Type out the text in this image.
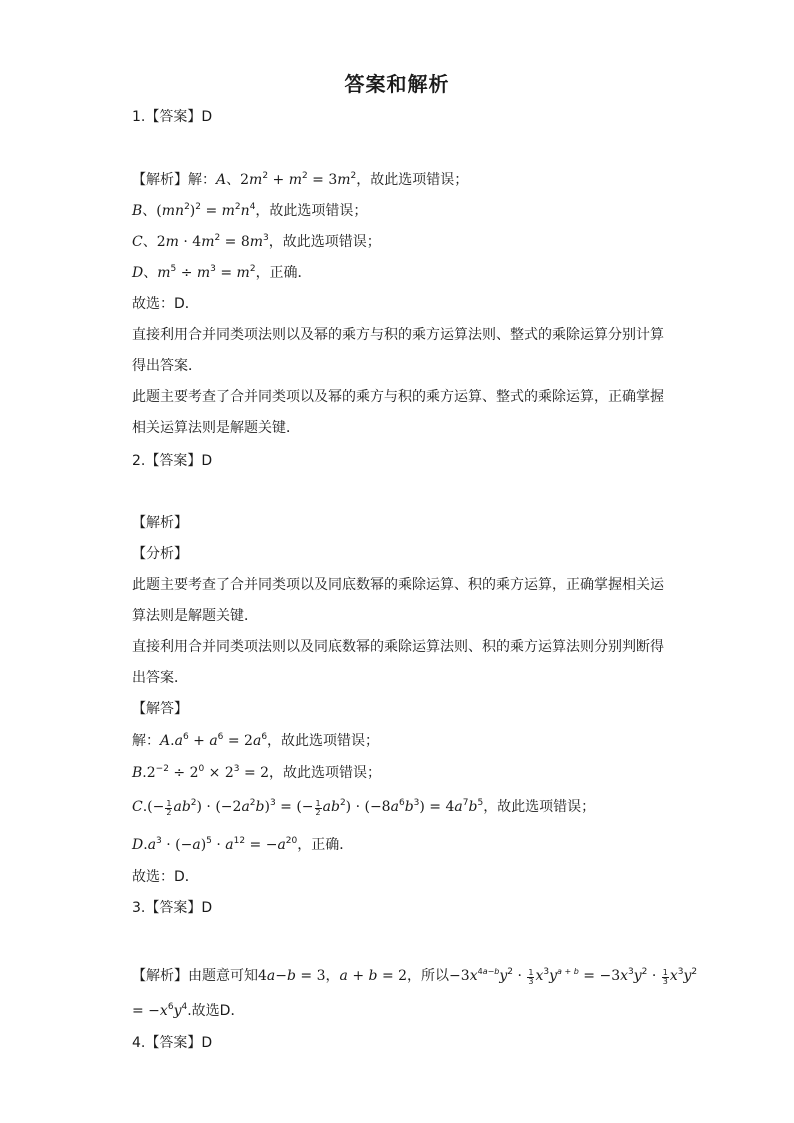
答案和解析
1.【答案】D
【解析】解：A、$2m^2 + m^2 = 3m^2$，故此选项错误；
B、$(mn^2)^2 = m^2n^4$，故此选项错误；
C、$2m \cdot 4m^2 = 8m^3$，故此选项错误；
D、$m^5 \div m^3 = m^2$，正确．
故选：D．
直接利用合并同类项法则以及幂的乘方与积的乘方运算法则、整式的乘除运算分别计算
得出答案．
此题主要考查了合并同类项以及幂的乘方与积的乘方运算、整式的乘除运算，正确掌握
相关运算法则是解题关键．
2.【答案】D
【解析】
【分析】
此题主要考查了合并同类项以及同底数幂的乘除运算、积的乘方运算，正确掌握相关运
算法则是解题关键．
直接利用合并同类项法则以及同底数幂的乘除运算法则、积的乘方运算法则分别判断得
出答案．
【解答】
解：$A.a^6 + a^6 = 2a^6$，故此选项错误；
$B.2^{-2} \div 2^0 \times 2^3 = 2$，故此选项错误；
$C.(- \frac{1}{2} ab^2) \cdot (-2a^2b)^3$ = (− $\frac{1}{2} ab^2) \cdot (-8a^6b^3) = 4a^7b^5$，故此选项错误；
$D.a^3 \cdot (-a)^5 \cdot a^{12} = -a^{20}$，正确．
故选：D．
3.【答案】D
【解析】由题意可知4a−b = 3，a + b = 2，所以$-3x^{4a-b}y^2 \cdot \frac{1}{3} x^3y^{a + b} = -3x^3y^2 \cdot \frac{1}{3} x^3y^2$
= $-x^6y^4$.故选D．
4.【答案】D
